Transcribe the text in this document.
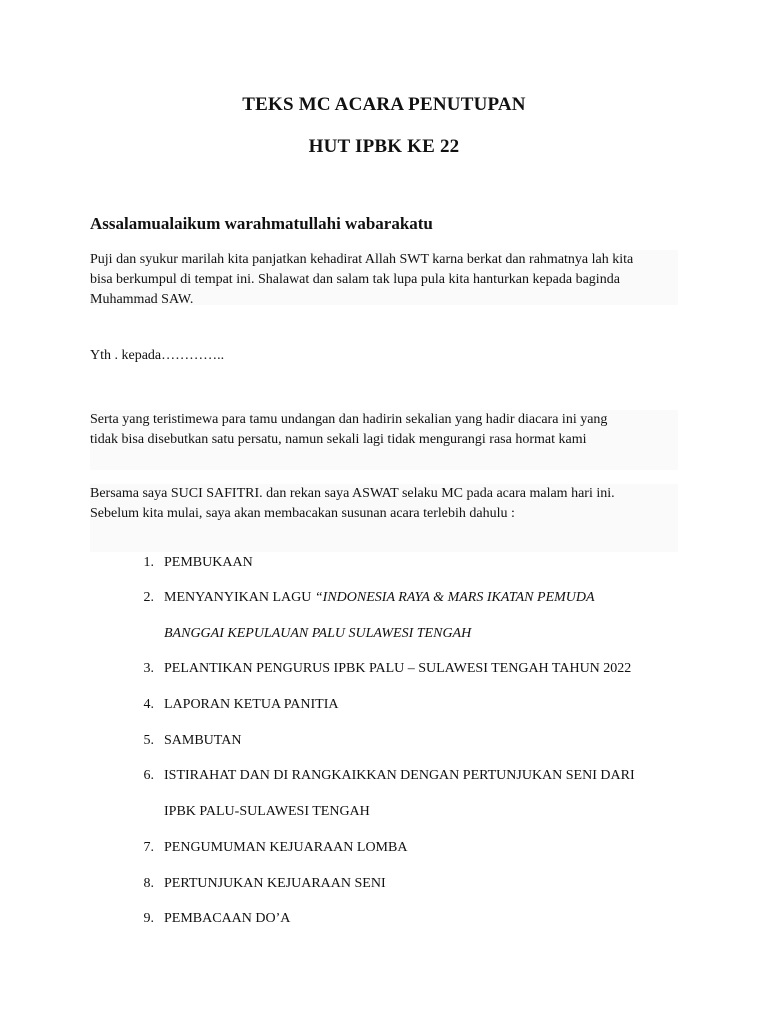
TEKS MC ACARA PENUTUPAN
HUT IPBK KE 22
Assalamualaikum warahmatullahi wabarakatu
Puji dan syukur marilah kita panjatkan kehadirat Allah SWT karna berkat dan rahmatnya lah kita
bisa berkumpul di tempat ini. Shalawat dan salam tak lupa pula kita hanturkan kepada baginda
Muhammad SAW.
Yth . kepada…………..
Serta yang teristimewa para tamu undangan dan hadirin sekalian yang hadir diacara ini yang
tidak bisa disebutkan satu persatu, namun sekali lagi tidak mengurangi rasa hormat kami
Bersama saya SUCI SAFITRI. dan rekan saya ASWAT selaku MC pada acara malam hari ini.
Sebelum kita mulai, saya akan membacakan susunan acara terlebih dahulu :
1. PEMBUKAAN
2. MENYANYIKAN LAGU “INDONESIA RAYA & MARS IKATAN PEMUDA
BANGGAI KEPULAUAN PALU SULAWESI TENGAH
3. PELANTIKAN PENGURUS IPBK PALU – SULAWESI TENGAH TAHUN 2022
4. LAPORAN KETUA PANITIA
5. SAMBUTAN
6. ISTIRAHAT DAN DI RANGKAIKKAN DENGAN PERTUNJUKAN SENI DARI
IPBK PALU-SULAWESI TENGAH
7. PENGUMUMAN KEJUARAAN LOMBA
8. PERTUNJUKAN KEJUARAAN SENI
9. PEMBACAAN DO’A
